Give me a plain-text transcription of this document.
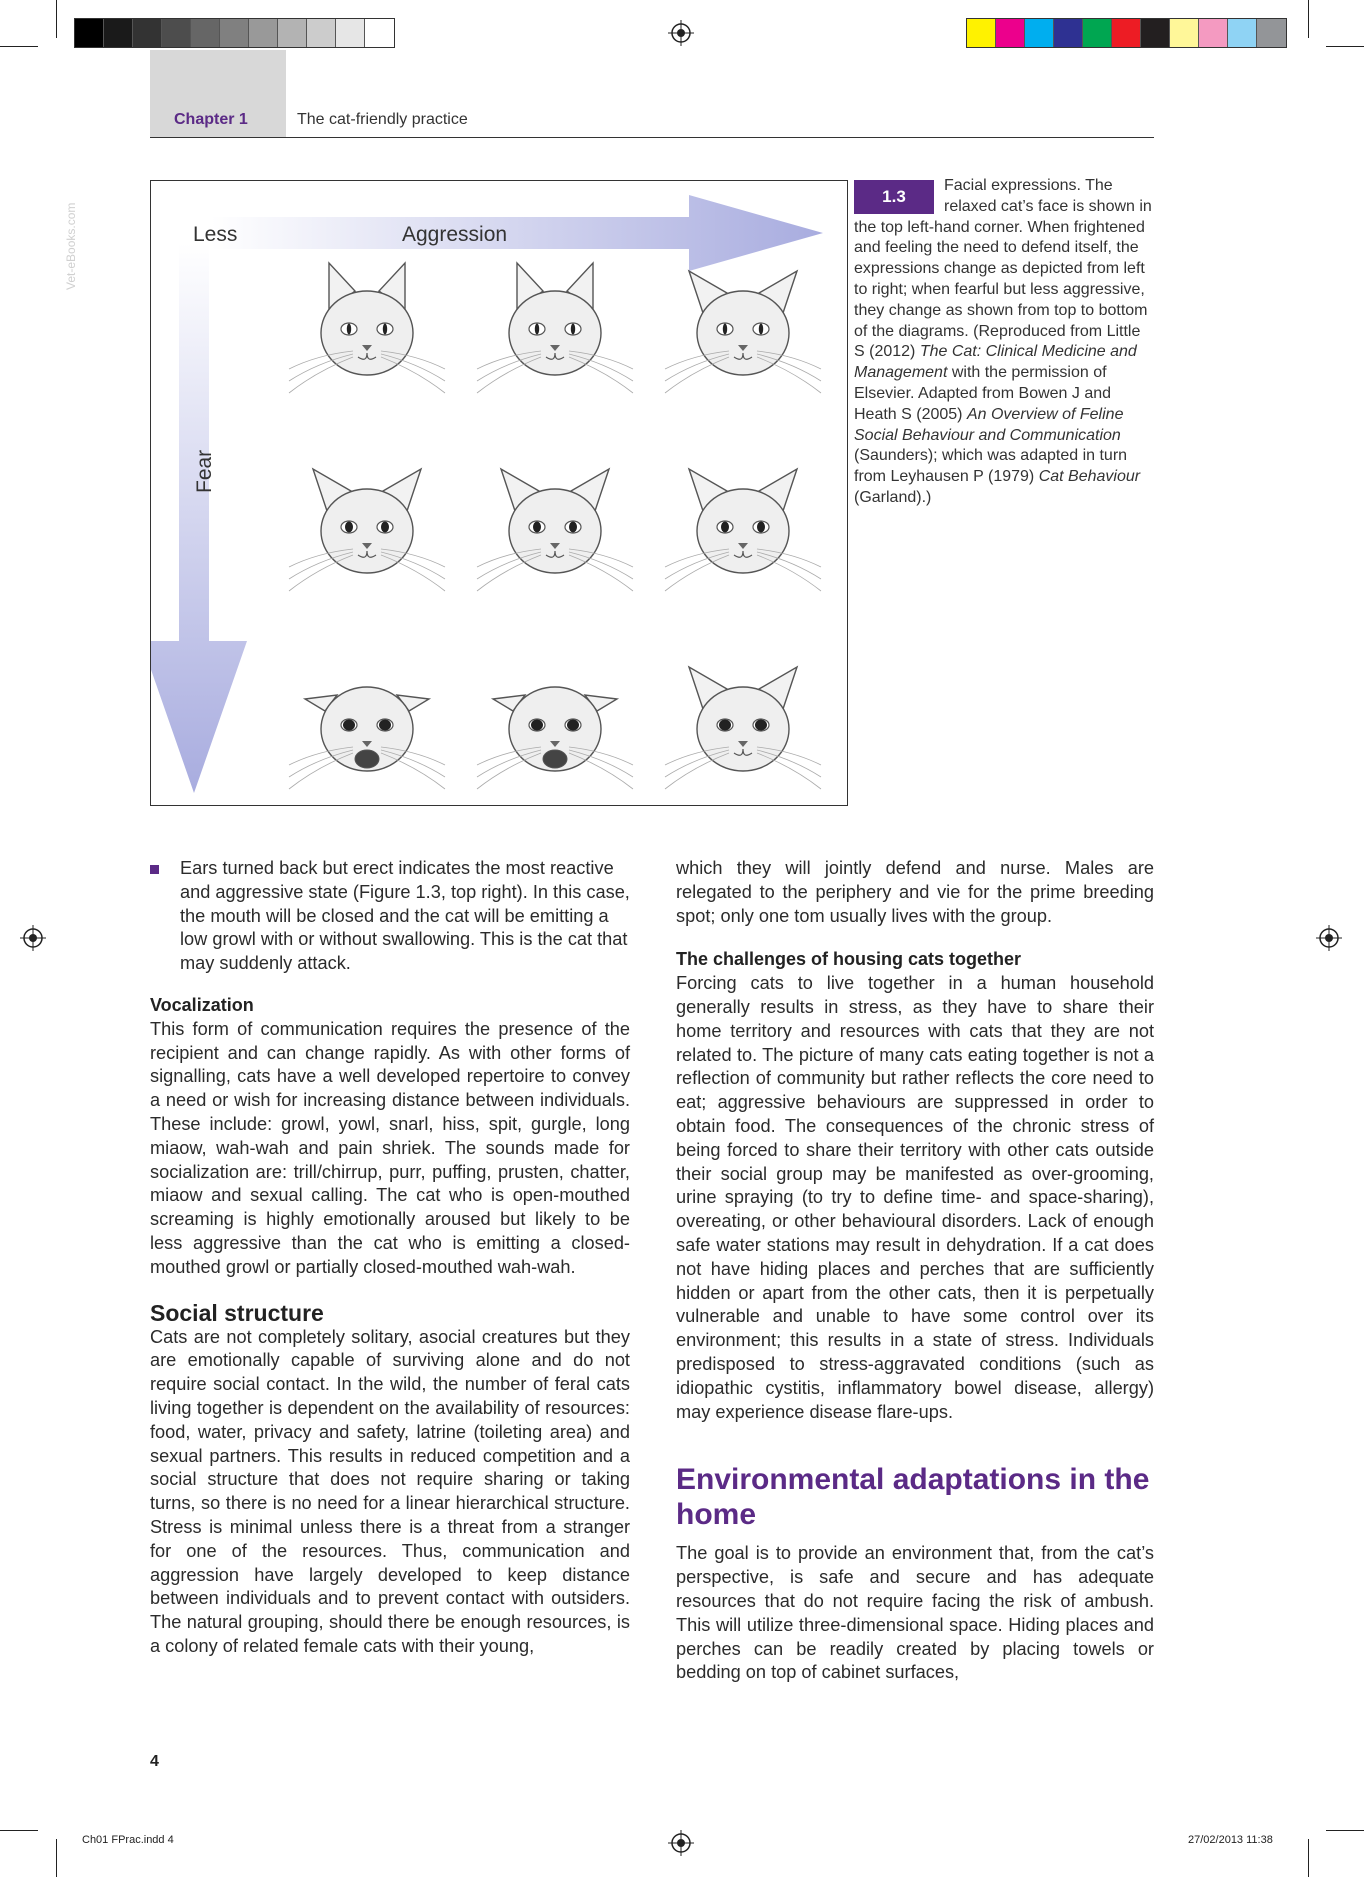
Chapter 1	The cat-friendly practice
Vet-eBooks.com	Less	Aggression
Fear
Facial expressions. The relaxed cat’s face is shown in the top left-hand corner. When frightened and feeling the need to defend itself, the expressions change as depicted from left to right; when fearful but less aggressive, they change as shown from top to bottom of the diagrams. (Reproduced from Little S (2012) The Cat: Clinical Medicine and Management with the permission of Elsevier. Adapted from Bowen J and Heath S (2005) An Overview of Feline Social Behaviour and Communication (Saunders); which was adapted in turn from Leyhausen P (1979) Cat Behaviour (Garland).)
1.3

Ears turned back but erect indicates the most reactive and aggressive state (Figure 1.3, top right). In this case, the mouth will be closed and the cat will be emitting a low growl with or without swallowing. This is the cat that may suddenly attack.

Vocalization

This form of communication requires the presence of the recipient and can change rapidly. As with other forms of signalling, cats have a well developed repertoire to convey a need or wish for increasing distance between individuals. These include: growl, yowl, snarl, hiss, spit, gurgle, long miaow, wah-wah and pain shriek. The sounds made for socialization are: trill/chirrup, purr, puffing, prusten, chatter, miaow and sexual calling. The cat who is open-mouthed screaming is highly emotionally aroused but likely to be less aggressive than the cat who is emitting a closed-mouthed growl or partially closed-mouthed wah-wah.

Social structure

Cats are not completely solitary, asocial creatures but they are emotionally capable of surviving alone and do not require social contact. In the wild, the number of feral cats living together is dependent on the availability of resources: food, water, privacy and safety, latrine (toileting area) and sexual partners. This results in reduced competition and a social structure that does not require sharing or taking turns, so there is no need for a linear hierarchical structure. Stress is minimal unless there is a threat from a stranger for one of the resources. Thus, communication and aggression have largely developed to keep distance between individuals and to prevent contact with outsiders. The natural grouping, should there be enough resources, is a colony of related female cats with their young,

which they will jointly defend and nurse. Males are relegated to the periphery and vie for the prime breeding spot; only one tom usually lives with the group.

The challenges of housing cats together

Forcing cats to live together in a human household generally results in stress, as they have to share their home territory and resources with cats that they are not related to. The picture of many cats eating together is not a reflection of community but rather reflects the core need to eat; aggressive behaviours are suppressed in order to obtain food. The consequences of the chronic stress of being forced to share their territory with other cats outside their social group may be manifested as over-grooming, urine spraying (to try to define time- and space-sharing), overeating, or other behavioural disorders. Lack of enough safe water stations may result in dehydration. If a cat does not have hiding places and perches that are sufficiently hidden or apart from the other cats, then it is perpetually vulnerable and unable to have some control over its environment; this results in a state of stress. Individuals predisposed to stress-aggravated conditions (such as idiopathic cystitis, inflammatory bowel disease, allergy) may experience disease flare-ups.

Environmental adaptations in the home

The goal is to provide an environment that, from the cat’s perspective, is safe and secure and has adequate resources that do not require facing the risk of ambush. This will utilize three-dimensional space. Hiding places and perches can be readily created by placing towels or bedding on top of cabinet surfaces,

4
Ch01 FPrac.indd 4	27/02/2013 11:38
